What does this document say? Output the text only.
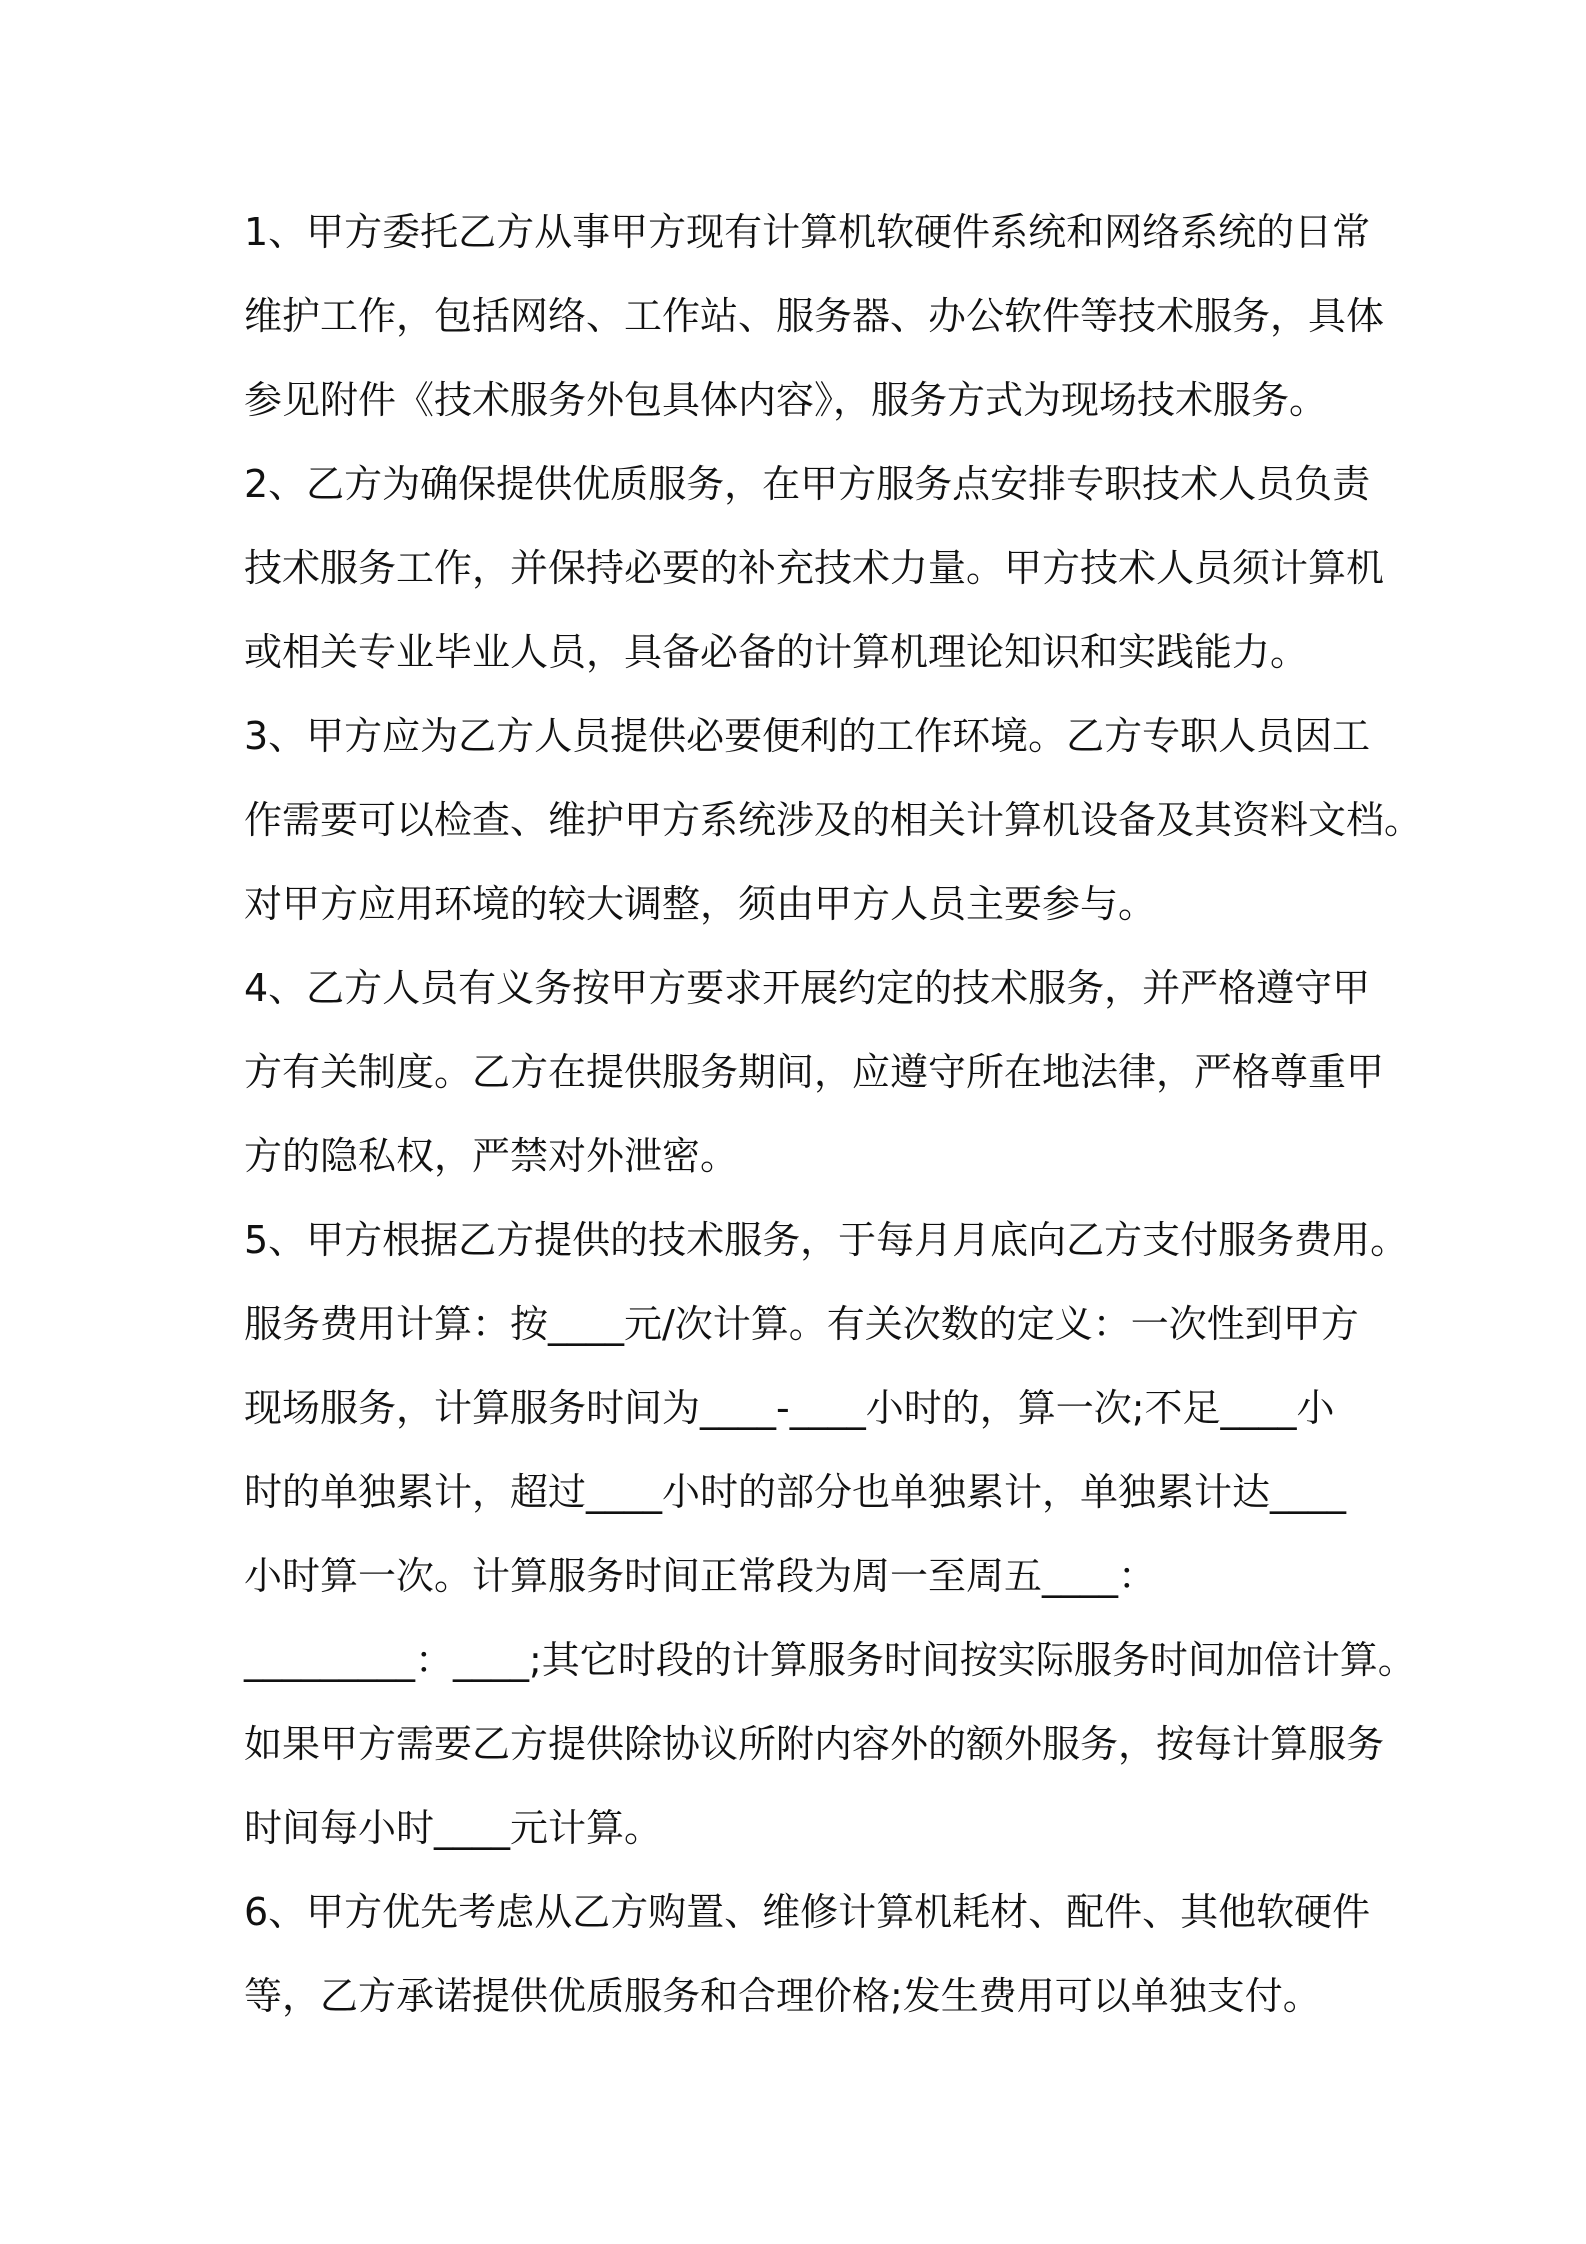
1、甲方委托乙方从事甲方现有计算机软硬件系统和网络系统的日常
维护工作，包括网络、工作站、服务器、办公软件等技术服务，具体
参见附件《技术服务外包具体内容》，服务方式为现场技术服务。
2、乙方为确保提供优质服务，在甲方服务点安排专职技术人员负责
技术服务工作，并保持必要的补充技术力量。甲方技术人员须计算机
或相关专业毕业人员，具备必备的计算机理论知识和实践能力。
3、甲方应为乙方人员提供必要便利的工作环境。乙方专职人员因工
作需要可以检查、维护甲方系统涉及的相关计算机设备及其资料文档。
对甲方应用环境的较大调整，须由甲方人员主要参与。
4、乙方人员有义务按甲方要求开展约定的技术服务，并严格遵守甲
方有关制度。乙方在提供服务期间，应遵守所在地法律，严格尊重甲
方的隐私权，严禁对外泄密。
5、甲方根据乙方提供的技术服务，于每月月底向乙方支付服务费用。
服务费用计算：按____元/次计算。有关次数的定义：一次性到甲方
现场服务，计算服务时间为____-____小时的，算一次;不足____小
时的单独累计，超过____小时的部分也单独累计，单独累计达____
小时算一次。计算服务时间正常段为周一至周五____：
_________：____;其它时段的计算服务时间按实际服务时间加倍计算。
如果甲方需要乙方提供除协议所附内容外的额外服务，按每计算服务
时间每小时____元计算。
6、甲方优先考虑从乙方购置、维修计算机耗材、配件、其他软硬件
等，乙方承诺提供优质服务和合理价格;发生费用可以单独支付。
